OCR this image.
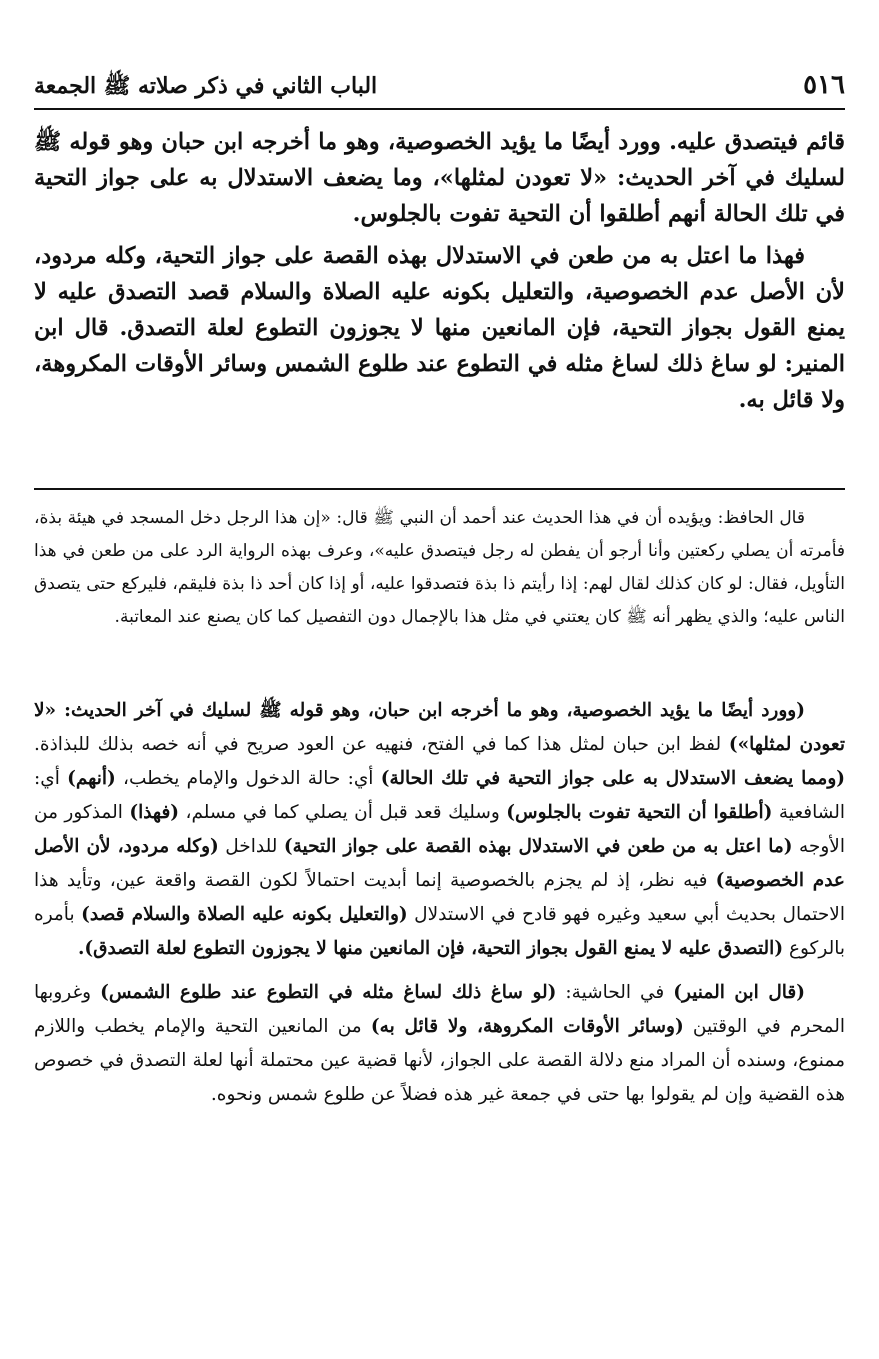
٥١٦
الباب الثاني في ذكر صلاته ﷺ الجمعة

قائم فيتصدق عليه. وورد أيضًا ما يؤيد الخصوصية، وهو ما أخرجه ابن حبان وهو قوله ﷺ لسليك في آخر الحديث: «لا تعودن لمثلها»، وما يضعف الاستدلال به على جواز التحية في تلك الحالة أنهم أطلقوا أن التحية تفوت بالجلوس.

فهذا ما اعتل به من طعن في الاستدلال بهذه القصة على جواز التحية، وكله مردود، لأن الأصل عدم الخصوصية، والتعليل بكونه عليه الصلاة والسلام قصد التصدق عليه لا يمنع القول بجواز التحية، فإن المانعين منها لا يجوزون التطوع لعلة التصدق. قال ابن المنير: لو ساغ ذلك لساغ مثله في التطوع عند طلوع الشمس وسائر الأوقات المكروهة، ولا قائل به.

قال الحافظ: ويؤيده أن في هذا الحديث عند أحمد أن النبي ﷺ قال: «إن هذا الرجل دخل المسجد في هيئة بذة، فأمرته أن يصلي ركعتين وأنا أرجو أن يفطن له رجل فيتصدق عليه»، وعرف بهذه الرواية الرد على من طعن في هذا التأويل، فقال: لو كان كذلك لقال لهم: إذا رأيتم ذا بذة فتصدقوا عليه، أو إذا كان أحد ذا بذة فليقم، فليركع حتى يتصدق الناس عليه؛ والذي يظهر أنه ﷺ كان يعتني في مثل هذا بالإجمال دون التفصيل كما كان يصنع عند المعاتبة.

(وورد أيضًا ما يؤيد الخصوصية، وهو ما أخرجه ابن حبان، وهو قوله ﷺ لسليك في آخر الحديث: «لا تعودن لمثلها») لفظ ابن حبان لمثل هذا كما في الفتح، فنهيه عن العود صريح في أنه خصه بذلك للبذاذة. (ومما يضعف الاستدلال به على جواز التحية في تلك الحالة) أي: حالة الدخول والإمام يخطب، (أنهم) أي: الشافعية (أطلقوا أن التحية تفوت بالجلوس) وسليك قعد قبل أن يصلي كما في مسلم، (فهذا) المذكور من الأوجه (ما اعتل به من طعن في الاستدلال بهذه القصة على جواز التحية) للداخل (وكله مردود، لأن الأصل عدم الخصوصية) فيه نظر، إذ لم يجزم بالخصوصية إنما أبديت احتمالاً لكون القصة واقعة عين، وتأيد هذا الاحتمال بحديث أبي سعيد وغيره فهو قادح في الاستدلال (والتعليل بكونه عليه الصلاة والسلام قصد) بأمره بالركوع (التصدق عليه لا يمنع القول بجواز التحية، فإن المانعين منها لا يجوزون التطوع لعلة التصدق).

(قال ابن المنير) في الحاشية: (لو ساغ ذلك لساغ مثله في التطوع عند طلوع الشمس) وغروبها المحرم في الوقتين (وسائر الأوقات المكروهة، ولا قائل به) من المانعين التحية والإمام يخطب واللازم ممنوع، وسنده أن المراد منع دلالة القصة على الجواز، لأنها قضية عين محتملة أنها لعلة التصدق في خصوص هذه القضية وإن لم يقولوا بها حتى في جمعة غير هذه فضلاً عن طلوع شمس ونحوه.
